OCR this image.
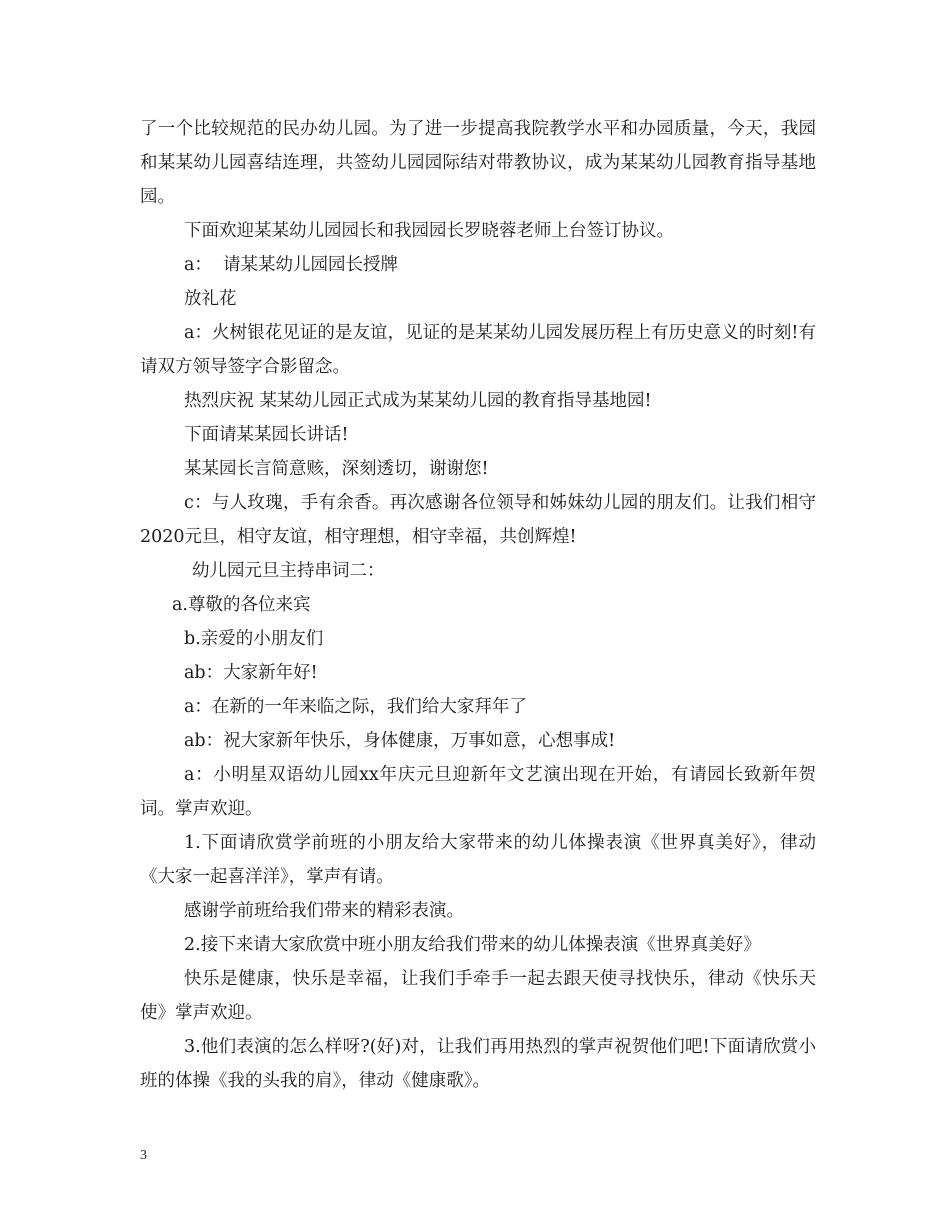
了一个比较规范的民办幼儿园。为了进一步提高我院教学水平和办园质量，今天，我园和某某幼儿园喜结连理，共签幼儿园园际结对带教协议，成为某某幼儿园教育指导基地园。

下面欢迎某某幼儿园园长和我园园长罗晓蓉老师上台签订协议。

a：  请某某幼儿园园长授牌

放礼花

a：火树银花见证的是友谊，见证的是某某幼儿园发展历程上有历史意义的时刻!有请双方领导签字合影留念。

热烈庆祝 某某幼儿园正式成为某某幼儿园的教育指导基地园!

下面请某某园长讲话!

某某园长言简意赅，深刻透切，谢谢您!

c：与人玫瑰，手有余香。再次感谢各位领导和姊妹幼儿园的朋友们。让我们相守2020元旦，相守友谊，相守理想，相守幸福，共创辉煌!

幼儿园元旦主持串词二：

a.尊敬的各位来宾

b.亲爱的小朋友们

ab：大家新年好!

a：在新的一年来临之际，我们给大家拜年了

ab：祝大家新年快乐，身体健康，万事如意，心想事成!

a：小明星双语幼儿园xx年庆元旦迎新年文艺演出现在开始，有请园长致新年贺词。掌声欢迎。

1.下面请欣赏学前班的小朋友给大家带来的幼儿体操表演《世界真美好》，律动《大家一起喜洋洋》，掌声有请。

感谢学前班给我们带来的精彩表演。

2.接下来请大家欣赏中班小朋友给我们带来的幼儿体操表演《世界真美好》

快乐是健康，快乐是幸福，让我们手牵手一起去跟天使寻找快乐，律动《快乐天使》掌声欢迎。

3.他们表演的怎么样呀?(好)对，让我们再用热烈的掌声祝贺他们吧!下面请欣赏小班的体操《我的头我的肩》，律动《健康歌》。

3
